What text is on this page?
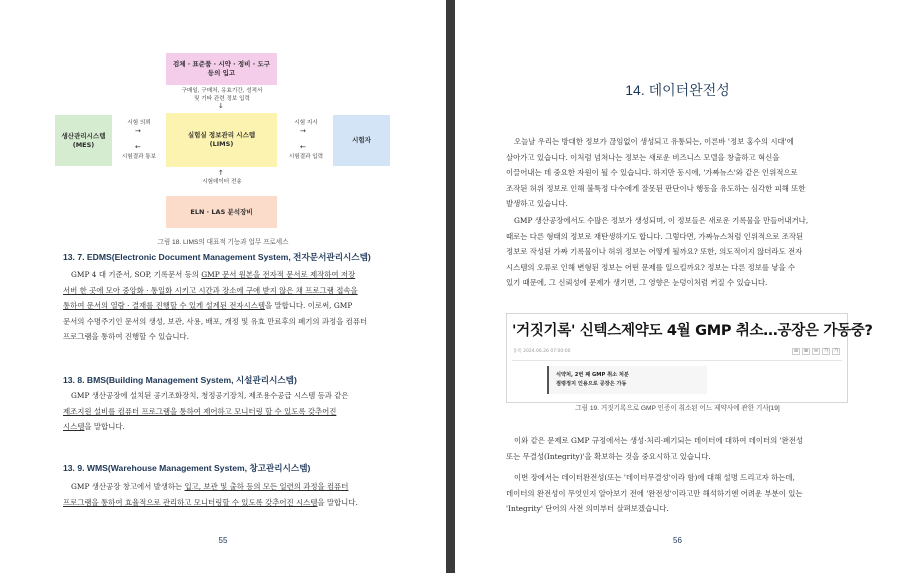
검체 · 표준품 · 시약 · 정비 · 도구
등의 입고
구매일, 구매처, 유효기간, 성적서
및 기타 관련 정보 입력
↓
생산관리시스템
(MES)
시험 의뢰
→
←
시험결과 통보
실험실 정보관리 시스템
(LIMS)
시험 지시
→
←
시험결과 입력
시험자
↑
시험데이터 전송
ELN · LAS 분석장비
그림 18. LIMS의 대표적 기능과 업무 프로세스
13. 7. EDMS(Electronic Document Management System, 전자문서관리시스템)

GMP 4 대 기준서, SOP, 기록문서 등의 GMP 문서 원본을 전자적 문서로 제작하여 저장

서버 한 곳에 모아 중앙화 · 통일화 시키고 시간과 장소에 구애 받지 않은 채 프로그램 접속을

통하여 문서의 열람 · 결재를 진행할 수 있게 설계된 전자시스템을 말합니다. 이로써, GMP

문서의 수명주기인 문서의 생성, 보관, 사용, 배포, 개정 및 유효 만료후의 폐기의 과정을 컴퓨터

프로그램을 통하여 진행할 수 있습니다.

13. 8. BMS(Building Management System, 시설관리시스템)

GMP 생산공장에 설치된 공기조화장치, 청정공기장치, 제조용수공급 시스템 등과 같은

제조지원 설비를 컴퓨터 프로그램을 통하여 제어하고 모니터링 할 수 있도록 갖추어진

시스템을 말합니다.

13. 9. WMS(Warehouse Management System, 창고관리시스템)

GMP 생산공장 창고에서 발생하는 입고, 보관 및 출하 등의 모든 일련의 과정을 컴퓨터

프로그램을 통하여 효율적으로 관리하고 모니터링할 수 있도록 갖추어진 시스템을 말합니다.

55
14. 데이터완전성

오늘날 우리는 방대한 정보가 끊임없이 생성되고 유통되는, 이른바 '정보 홍수의 시대'에

살아가고 있습니다. 이처럼 넘쳐나는 정보는 새로운 비즈니스 모델을 창출하고 혁신을

이끌어내는 데 중요한 자원이 될 수 있습니다. 하지만 동시에, '가짜뉴스'와 같은 인위적으로

조작된 허위 정보로 인해 불특정 다수에게 잘못된 판단이나 행동을 유도하는 심각한 피해 또한

발생하고 있습니다.

GMP 생산공장에서도 수많은 정보가 생성되며, 이 정보들은 새로운 기록물을 만들어내거나,

때로는 다른 형태의 정보로 재탄생하기도 합니다. 그렇다면, 가짜뉴스처럼 인위적으로 조작된

정보로 작성된 가짜 기록물이나 허위 정보는 어떻게 될까요? 또한, 의도적이지 않더라도 전자

시스템의 오류로 인해 변형된 정보는 어떤 문제를 일으킬까요? 정보는 다른 정보를 낳을 수

있기 때문에, 그 신뢰성에 문제가 생기면, 그 영향은 눈덩이처럼 커질 수 있습니다.

'거짓기록' 신텍스제약도 4월 GMP 취소…공장은 가동중?
등록 2024.06.26 07:00:00	⊟	⊞	✉	가	가
식약처, 2번 째 GMP 취소 처분
점령정지 인용으로 공장은 가동
그림 19. 거짓기록으로 GMP 인증이 취소된 어느 제약사에 관한 기사[19]

이와 같은 문제로 GMP 규정에서는 생성·처리·폐기되는 데이터에 대하여 데이터의 '완전성

또는 무결성(Integrity)'을 확보하는 것을 중요시하고 있습니다.

이번 장에서는 데이터완전성(또는 '데이터무결성'이라 함)에 대해 설명 드리고자 하는데,

데이터의 완전성이 무엇인지 알아보기 전에 '완전성'이라고만 해석하기엔 어려운 부분이 있는

'Integrity' 단어의 사전 의미부터 살펴보겠습니다.

56
